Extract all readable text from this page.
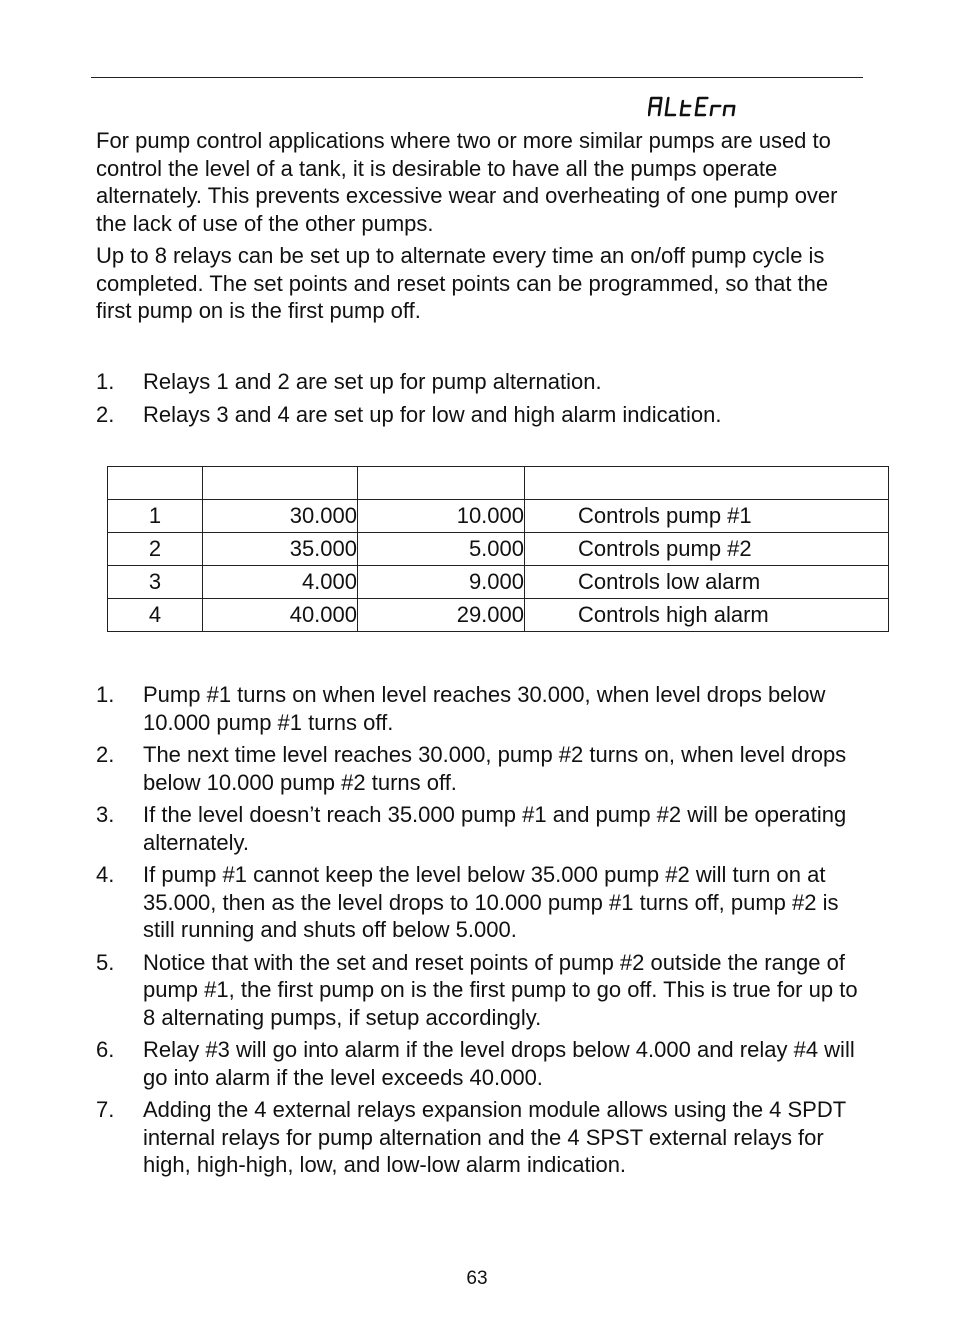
For pump control applications where two or more similar pumps are used to control the level of a tank, it is desirable to have all the pumps operate alternately. This prevents excessive wear and overheating of one pump over the lack of use of the other pumps.

Up to 8 relays can be set up to alternate every time an on/off pump cycle is completed. The set points and reset points can be programmed, so that the first pump on is the first pump off.

1. Relays 1 and 2 are set up for pump alternation.
2. Relays 3 and 4 are set up for low and high alarm indication.

1	30.000	10.000	Controls pump #1
2	35.000	5.000	Controls pump #2
3	4.000	9.000	Controls low alarm
4	40.000	29.000	Controls high alarm
1. Pump #1 turns on when level reaches 30.000, when level drops below 10.000 pump #1 turns off.
2. The next time level reaches 30.000, pump #2 turns on, when level drops below 10.000 pump #2 turns off.
3. If the level doesn’t reach 35.000 pump #1 and pump #2 will be operating alternately.
4. If pump #1 cannot keep the level below 35.000 pump #2 will turn on at 35.000, then as the level drops to 10.000 pump #1 turns off, pump #2 is still running and shuts off below 5.000.
5. Notice that with the set and reset points of pump #2 outside the range of pump #1, the first pump on is the first pump to go off. This is true for up to 8 alternating pumps, if setup accordingly.
6. Relay #3 will go into alarm if the level drops below 4.000 and relay #4 will go into alarm if the level exceeds 40.000.
7. Adding the 4 external relays expansion module allows using the 4 SPDT internal relays for pump alternation and the 4 SPST external relays for high, high-high, low, and low-low alarm indication.
63
